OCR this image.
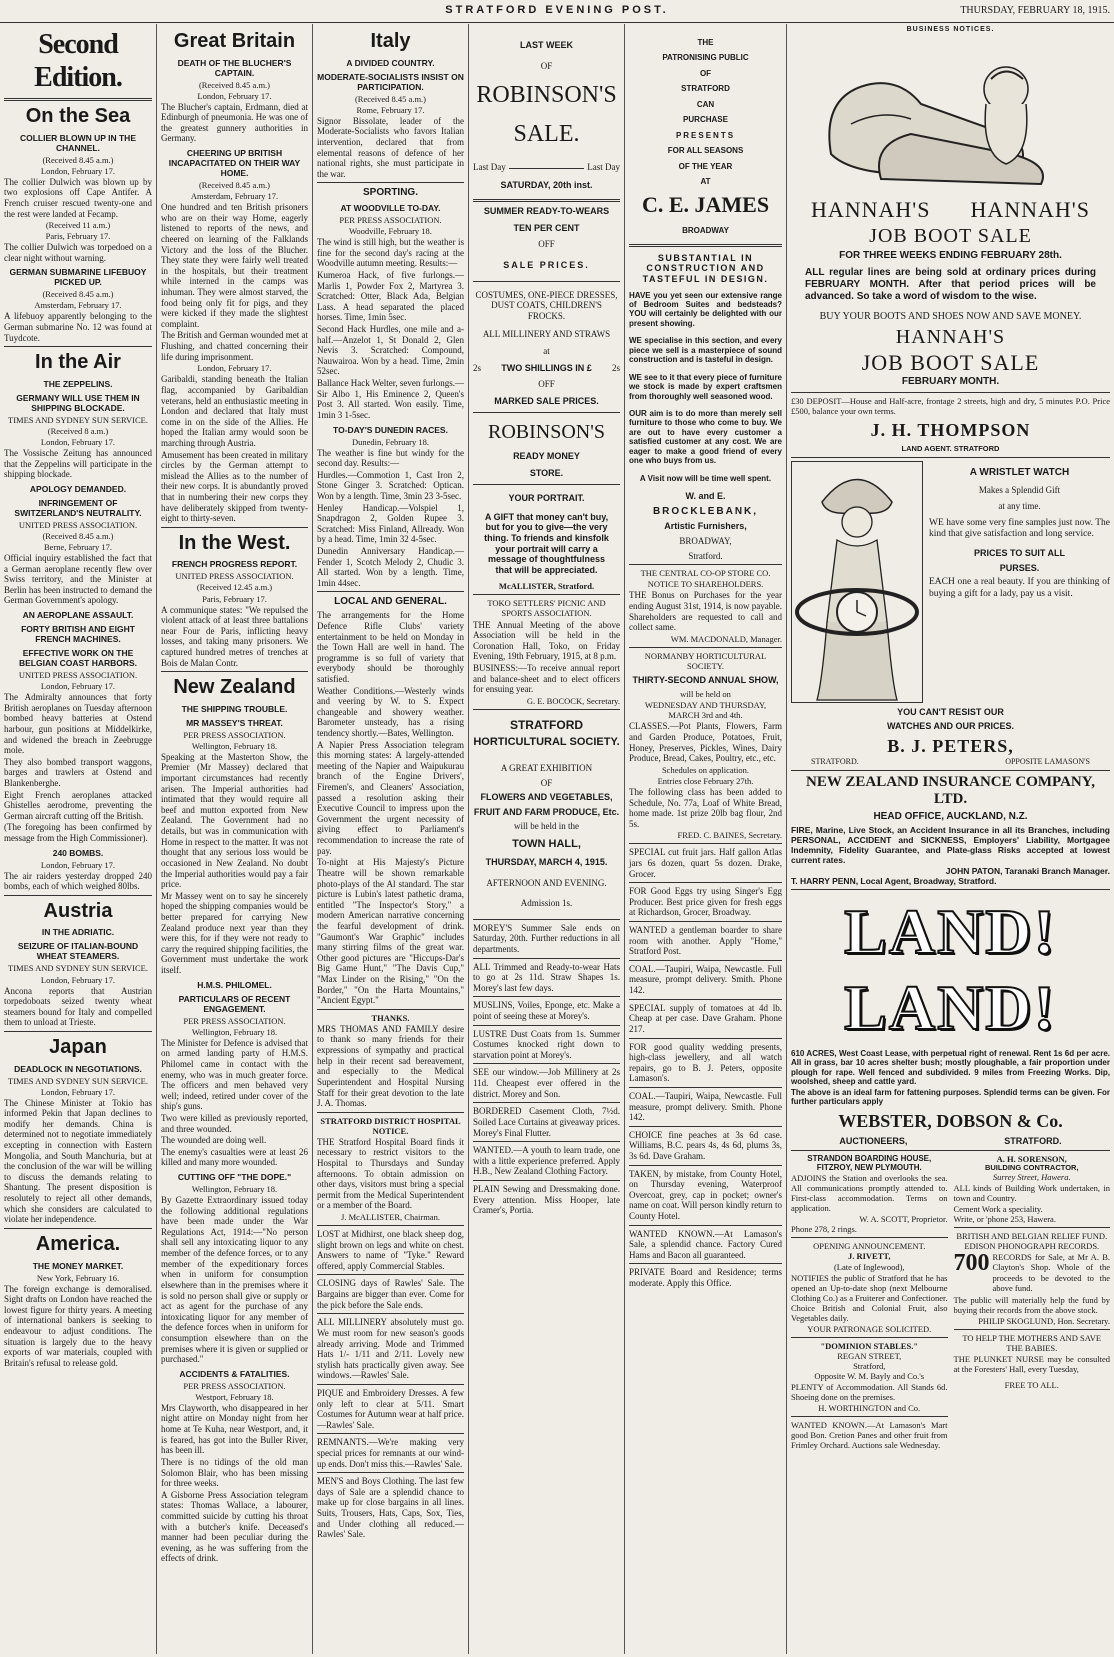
STRATFORD EVENING POST.	THURSDAY, FEBRUARY 18, 1915.
Second Edition.
On the Sea
COLLIER BLOWN UP IN THE CHANNEL.
(Received 8.45 a.m.)
London, February 17.

The collier Dulwich was blown up by two explosions off Cape Antifer. A French cruiser rescued twenty-one and the rest were landed at Fecamp.

(Received 11 a.m.)
Paris, February 17.

The collier Dulwich was torpedoed on a clear night without warning.

GERMAN SUBMARINE LIFEBUOY PICKED UP.
(Received 8.45 a.m.)
Amsterdam, February 17.

A lifebuoy apparently belonging to the German submarine No. 12 was found at Tuydcote.

In the Air
THE ZEPPELINS.
GERMANY WILL USE THEM IN SHIPPING BLOCKADE.
TIMES AND SYDNEY SUN SERVICE.
(Received 8 a.m.)
London, February 17.

The Vossische Zeitung has announced that the Zeppelins will participate in the shipping blockade.

APOLOGY DEMANDED.
INFRINGEMENT OF SWITZERLAND'S NEUTRALITY.
UNITED PRESS ASSOCIATION.
(Received 8.45 a.m.)
Berne, February 17.

Official inquiry established the fact that a German aeroplane recently flew over Swiss territory, and the Minister at Berlin has been instructed to demand the German Government's apology.

AN AEROPLANE ASSAULT.
FORTY BRITISH AND EIGHT FRENCH MACHINES.
EFFECTIVE WORK ON THE BELGIAN COAST HARBORS.
UNITED PRESS ASSOCIATION.
London, February 17.

The Admiralty announces that forty British aeroplanes on Tuesday afternoon bombed heavy batteries at Ostend harbour, gun positions at Middelkirke, and widened the breach in Zeebrugge mole.

They also bombed transport waggons, barges and trawlers at Ostend and Blankenberghe.

Eight French aeroplanes attacked Ghistelles aerodrome, preventing the German aircraft cutting off the British.

(The foregoing has been confirmed by message from the High Commissioner).

240 BOMBS.
London, February 17.

The air raiders yesterday dropped 240 bombs, each of which weighed 80lbs.

Austria
IN THE ADRIATIC.
SEIZURE OF ITALIAN-BOUND WHEAT STEAMERS.
TIMES AND SYDNEY SUN SERVICE.
London, February 17.

Ancona reports that Austrian torpedoboats seized twenty wheat steamers bound for Italy and compelled them to unload at Trieste.

Japan
DEADLOCK IN NEGOTIATIONS.
TIMES AND SYDNEY SUN SERVICE.
London, February 17.

The Chinese Minister at Tokio has informed Pekin that Japan declines to modify her demands. China is determined not to negotiate immediately excepting in connection with Eastern Mongolia, and South Manchuria, but at the conclusion of the war will be willing to discuss the demands relating to Shantung. The present disposition is resolutely to reject all other demands, which she considers are calculated to violate her independence.

America.
THE MONEY MARKET.
New York, February 16.

The foreign exchange is demoralised. Sight drafts on London have reached the lowest figure for thirty years. A meeting of international bankers is seeking to endeavour to adjust conditions. The situation is largely due to the heavy exports of war materials, coupled with Britain's refusal to release gold.

Great Britain
DEATH OF THE BLUCHER'S CAPTAIN.
(Received 8.45 a.m.)
London, February 17.

The Blucher's captain, Erdmann, died at Edinburgh of pneumonia. He was one of the greatest gunnery authorities in Germany.

CHEERING UP BRITISH INCAPACITATED ON THEIR WAY HOME.
(Received 8.45 a.m.)
Amsterdam, February 17.

One hundred and ten British prisoners who are on their way Home, eagerly listened to reports of the news, and cheered on learning of the Falklands Victory and the loss of the Blucher. They state they were fairly well treated in the hospitals, but their treatment while interned in the camps was inhuman. They were almost starved, the food being only fit for pigs, and they were kicked if they made the slightest complaint.

The British and German wounded met at Flushing, and chatted concerning their life during imprisonment.

London, February 17.

Garibaldi, standing beneath the Italian flag, accompanied by Garibaldian veterans, held an enthusiastic meeting in London and declared that Italy must come in on the side of the Allies. He hoped the Italian army would soon be marching through Austria.

Amusement has been created in military circles by the German attempt to mislead the Allies as to the number of their new corps. It is abundantly proved that in numbering their new corps they have deliberately skipped from twenty-eight to thirty-seven.

In the West.
FRENCH PROGRESS REPORT.
UNITED PRESS ASSOCIATION.
(Received 12.45 a.m.)
Paris, February 17.

A communique states: "We repulsed the violent attack of at least three battalions near Four de Paris, inflicting heavy losses, and taking many prisoners. We captured hundred metres of trenches at Bois de Malan Contr.

New Zealand
THE SHIPPING TROUBLE.
MR MASSEY'S THREAT.
PER PRESS ASSOCIATION.
Wellington, February 18.

Speaking at the Masterton Show, the Premier (Mr Massey) declared that important circumstances had recently arisen. The Imperial authorities had intimated that they would require all beef and mutton exported from New Zealand. The Government had no details, but was in communication with Home in respect to the matter. It was not thought that any serious loss would be occasioned in New Zealand. No doubt the Imperial authorities would pay a fair price.

Mr Massey went on to say he sincerely hoped the shipping companies would be better prepared for carrying New Zealand produce next year than they were this, for if they were not ready to carry the required shipping facilities, the Government must undertake the work itself.

H.M.S. PHILOMEL.
PARTICULARS OF RECENT ENGAGEMENT.
PER PRESS ASSOCIATION.
Wellington, February 18.

The Minister for Defence is advised that on armed landing party of H.M.S. Philomel came in contact with the enemy, who was in much greater force. The officers and men behaved very well; indeed, retired under cover of the ship's guns.

Two were killed as previously reported, and three wounded.

The wounded are doing well.

The enemy's casualties were at least 26 killed and many more wounded.

CUTTING OFF "THE DOPE."
Wellington, February 18.

By Gazette Extraordinary issued today the following additional regulations have been made under the War Regulations Act, 1914:—"No person shall sell any intoxicating liquor to any member of the defence forces, or to any member of the expeditionary forces when in uniform for consumption elsewhere than in the premises where it is sold no person shall give or supply or act as agent for the purchase of any intoxicating liquor for any member of the defence forces when in uniform for consumption elsewhere than on the premises where it is given or supplied or purchased."

ACCIDENTS & FATALITIES.
PER PRESS ASSOCIATION.
Westport, February 18.

Mrs Clayworth, who disappeared in her night attire on Monday night from her home at Te Kuha, near Westport, and, it is feared, has got into the Buller River, has been ill.

There is no tidings of the old man Solomon Blair, who has been missing for three weeks.

A Gisborne Press Association telegram states: Thomas Wallace, a labourer, committed suicide by cutting his throat with a butcher's knife. Deceased's manner had been peculiar during the evening, as he was suffering from the effects of drink.

Italy
A DIVIDED COUNTRY.
MODERATE-SOCIALISTS INSIST ON PARTICIPATION.
(Received 8.45 a.m.)
Rome, February 17.

Signor Bissolate, leader of the Moderate-Socialists who favors Italian intervention, declared that from elemental reasons of defence of her national rights, she must participate in the war.

SPORTING.
AT WOODVILLE TO-DAY.
PER PRESS ASSOCIATION.
Woodville, February 18.

The wind is still high, but the weather is fine for the second day's racing at the Woodville autumn meeting. Results:—

Kumeroa Hack, of five furlongs.—Marlis 1, Powder Fox 2, Martyrea 3. Scratched: Otter, Black Ada, Belgian Lass. A head separated the placed horses. Time, 1min 5sec.

Second Hack Hurdles, one mile and a-half.—Anzelot 1, St Donald 2, Glen Nevis 3. Scratched: Compound, Nauwairoa. Won by a head. Time, 2min 52sec.

Ballance Hack Welter, seven furlongs.—Sir Albo 1, His Eminence 2, Queen's Post 3. All started. Won easily. Time, 1min 3 1-5sec.

TO-DAY'S DUNEDIN RACES.
Dunedin, February 18.

The weather is fine but windy for the second day. Results:—

Hurdles.—Commotion 1, Cast Iron 2, Stone Ginger 3. Scratched: Optican. Won by a length. Time, 3min 23 3-5sec.

Henley Handicap.—Volspiel 1, Snapdragon 2, Golden Rupee 3. Scratched: Miss Finland, Allready. Won by a head. Time, 1min 32 4-5sec.

Dunedin Anniversary Handicap.—Fender 1, Scotch Melody 2, Chudic 3. All started. Won by a length. Time, 1min 44sec.

LOCAL AND GENERAL.

The arrangements for the Home Defence Rifle Clubs' variety entertainment to be held on Monday in the Town Hall are well in hand. The programme is so full of variety that everybody should be thoroughly satisfied.

Weather Conditions.—Westerly winds and veering by W. to S. Expect changeable and showery weather. Barometer unsteady, has a rising tendency shortly.—Bates, Wellington.

A Napier Press Association telegram this morning states: A largely-attended meeting of the Napier and Waipukurau branch of the Engine Drivers', Firemen's, and Cleaners' Association, passed a resolution asking their Executive Council to impress upon the Government the urgent necessity of giving effect to Parliament's recommendation to increase the rate of pay.

To-night at His Majesty's Picture Theatre will be shown remarkable photo-plays of the Al standard. The star picture is Lubin's latest pathetic drama, entitled "The Inspector's Story," a modern American narrative concerning the fearful development of drink. "Gaumont's War Graphic" includes many stirring films of the great war. Other good pictures are "Hiccups-Dar's Big Game Hunt," "The Davis Cup," "Max Linder on the Rising," "On the Border," "On the Harta Mountains," "Ancient Egypt."

THANKS.

MRS THOMAS AND FAMILY desire to thank so many friends for their expressions of sympathy and practical help in their recent sad bereavement, and especially to the Medical Superintendent and Hospital Nursing Staff for their great devotion to the late J. A. Thomas.

STRATFORD DISTRICT HOSPITAL NOTICE.

THE Stratford Hospital Board finds it necessary to restrict visitors to the Hospital to Thursdays and Sunday afternoons. To obtain admission on other days, visitors must bring a special permit from the Medical Superintendent or a member of the Board.

J. McALLISTER, Chairman.

LOST at Midhirst, one black sheep dog, slight brown on legs and white on chest. Answers to name of "Tyke." Reward offered, apply Commercial Stables.

CLOSING days of Rawles' Sale. The Bargains are bigger than ever. Come for the pick before the Sale ends.

ALL MILLINERY absolutely must go. We must room for new season's goods already arriving. Mode and Trimmed Hats 1/- 1/11 and 2/11. Lovely new stylish hats practically given away. See windows.—Rawles' Sale.

PIQUE and Embroidery Dresses. A few only left to clear at 5/11. Smart Costumes for Autumn wear at half price.—Rawles' Sale.

REMNANTS.—We're making very special prices for remnants at our wind-up ends. Don't miss this.—Rawles' Sale.

MEN'S and Boys Clothing. The last few days of Sale are a splendid chance to make up for close bargains in all lines. Suits, Trousers, Hats, Caps, Sox, Ties, and Under clothing all reduced.—Rawles' Sale.

LAST WEEK
OF
ROBINSON'S
SALE.
Last Day	Last Day
SATURDAY, 20th inst.
SUMMER READY-TO-WEARS
TEN PER CENT
OFF
SALE PRICES.
COSTUMES, ONE-PIECE DRESSES, DUST COATS, CHILDREN'S FROCKS.
ALL MILLINERY AND STRAWS
at
2s TWO SHILLINGS IN £ 2s
OFF
MARKED SALE PRICES.
ROBINSON'S
READY MONEY
STORE.
YOUR PORTRAIT.

A GIFT that money can't buy, but for you to give—the very thing. To friends and kinsfolk your portrait will carry a message of thoughtfulness that will be appreciated.

McALLISTER, Stratford.
TOKO SETTLERS' PICNIC AND SPORTS ASSOCIATION.

THE Annual Meeting of the above Association will be held in the Coronation Hall, Toko, on Friday Evening, 19th February, 1915, at 8 p.m.

BUSINESS:—To receive annual report and balance-sheet and to elect officers for ensuing year.

G. E. BOCOCK, Secretary.
STRATFORD
HORTICULTURAL SOCIETY.
A GREAT EXHIBITION
OF
FLOWERS AND VEGETABLES,
FRUIT AND FARM PRODUCE, Etc.
will be held in the
TOWN HALL,
THURSDAY, MARCH 4, 1915.
AFTERNOON AND EVENING.
Admission 1s.

MOREY'S Summer Sale ends on Saturday, 20th. Further reductions in all departments.

ALL Trimmed and Ready-to-wear Hats to go at 2s 11d. Straw Shapes 1s. Morey's last few days.

MUSLINS, Voiles, Eponge, etc. Make a point of seeing these at Morey's.

LUSTRE Dust Coats from 1s. Summer Costumes knocked right down to starvation point at Morey's.

SEE our window.—Job Millinery at 2s 11d. Cheapest ever offered in the district. Morey and Son.

BORDERED Casement Cloth, 7½d. Soiled Lace Curtains at giveaway prices. Morey's Final Flutter.

WANTED.—A youth to learn trade, one with a little experience preferred. Apply H.B., New Zealand Clothing Factory.

PLAIN Sewing and Dressmaking done. Every attention. Miss Hooper, late Cramer's, Portia.

THE
PATRONISING PUBLIC
OF
STRATFORD
CAN
PURCHASE
PRESENTS
FOR ALL SEASONS
OF THE YEAR
AT
C. E. JAMES
BROADWAY
SUBSTANTIAL IN CONSTRUCTION AND TASTEFUL IN DESIGN.

HAVE you yet seen our extensive range of Bedroom Suites and bedsteads? YOU will certainly be delighted with our present showing.

WE specialise in this section, and every piece we sell is a masterpiece of sound construction and is tasteful in design.

WE see to it that every piece of furniture we stock is made by expert craftsmen from thoroughly well seasoned wood.

OUR aim is to do more than merely sell furniture to those who come to buy. We are out to have every customer a satisfied customer at any cost. We are eager to make a good friend of every one who buys from us.

A Visit now will be time well spent.
W. and E.
BROCKLEBANK,
Artistic Furnishers,
BROADWAY,
Stratford.
THE CENTRAL CO-OP STORE CO.
NOTICE TO SHAREHOLDERS.

THE Bonus on Purchases for the year ending August 31st, 1914, is now payable. Shareholders are requested to call and collect same.

WM. MACDONALD, Manager.
NORMANBY HORTICULTURAL SOCIETY.
THIRTY-SECOND ANNUAL SHOW,
will be held on
WEDNESDAY AND THURSDAY, MARCH 3rd and 4th.

CLASSES.—Pot Plants, Flowers, Farm and Garden Produce, Potatoes, Fruit, Honey, Preserves, Pickles, Wines, Dairy Produce, Bread, Cakes, Poultry, etc., etc.

Schedules on application.
Entries close February 27th.

The following class has been added to Schedule, No. 77a, Loaf of White Bread, home made. 1st prize 20lb bag flour, 2nd 5s.

FRED. C. BAINES, Secretary.

SPECIAL cut fruit jars. Half gallon Atlas jars 6s dozen, quart 5s dozen. Drake, Grocer.

FOR Good Eggs try using Singer's Egg Producer. Best price given for fresh eggs at Richardson, Grocer, Broadway.

WANTED a gentleman boarder to share room with another. Apply "Home," Stratford Post.

COAL.—Taupiri, Waipa, Newcastle. Full measure, prompt delivery. Smith. Phone 142.

SPECIAL supply of tomatoes at 4d lb. Cheap at per case. Dave Graham. Phone 217.

FOR good quality wedding presents, high-class jewellery, and all watch repairs, go to B. J. Peters, opposite Lamason's.

COAL.—Taupiri, Waipa, Newcastle. Full measure, prompt delivery. Smith. Phone 142.

CHOICE fine peaches at 3s 6d case. Williams, B.C. pears 4s, 4s 6d, plums 3s, 3s 6d. Dave Graham.

TAKEN, by mistake, from County Hotel, on Thursday evening, Waterproof Overcoat, grey, cap in pocket; owner's name on coat. Will person kindly return to County Hotel.

WANTED KNOWN.—At Lamason's Sale, a splendid chance. Factory Cured Hams and Bacon all guaranteed.

PRIVATE Board and Residence; terms moderate. Apply this Office.

BUSINESS NOTICES.
HANNAH'S HANNAH'S
JOB BOOT SALE
FOR THREE WEEKS ENDING FEBRUARY 28th.

ALL regular lines are being sold at ordinary prices during FEBRUARY MONTH. After that period prices will be advanced. So take a word of wisdom to the wise.

BUY YOUR BOOTS AND SHOES NOW AND SAVE MONEY.
HANNAH'S
JOB BOOT SALE
FEBRUARY MONTH.

£30 DEPOSIT—House and Half-acre, frontage 2 streets, high and dry, 5 minutes P.O. Price £500, balance your own terms.

J. H. THOMPSON
LAND AGENT. STRATFORD
A WRISTLET WATCH
Makes a Splendid Gift
at any time.

WE have some very fine samples just now. The kind that give satisfaction and long service.

PRICES TO SUIT ALL
PURSES.

EACH one a real beauty. If you are thinking of buying a gift for a lady, pay us a visit.

YOU CAN'T RESIST OUR
WATCHES AND OUR PRICES.
B. J. PETERS,
STRATFORD.	OPPOSITE LAMASON'S
NEW ZEALAND INSURANCE COMPANY, LTD.
HEAD OFFICE, AUCKLAND, N.Z.

FIRE, Marine, Live Stock, an Accident Insurance in all its Branches, including PERSONAL, ACCIDENT and SICKNESS, Employers' Liability, Mortgagee Indemnity, Fidelity Guarantee, and Plate-glass Risks accepted at lowest current rates.

JOHN PATON, Taranaki Branch Manager.
T. HARRY PENN, Local Agent, Broadway, Stratford.
LAND! LAND!

610 ACRES, West Coast Lease, with perpetual right of renewal. Rent 1s 6d per acre. All in grass, bar 10 acres shelter bush; mostly ploughable, a fair proportion under plough for rape. Well fenced and subdivided. 9 miles from Freezing Works. Dip, woolshed, sheep and cattle yard.

The above is an ideal farm for fattening purposes. Splendid terms can be given. For further particulars apply

WEBSTER, DOBSON & Co.
AUCTIONEERS,	STRATFORD.
STRANDON BOARDING HOUSE,
FITZROY, NEW PLYMOUTH.

ADJOINS the Station and overlooks the sea. All communications promptly attended to. First-class accommodation. Terms on application.

W. A. SCOTT, Proprietor.
Phone 278, 2 rings.
OPENING ANNOUNCEMENT.
J. RIVETT,
(Late of Inglewood),

NOTIFIES the public of Stratford that he has opened an Up-to-date shop (next Melbourne Clothing Co.) as a Fruiterer and Confectioner. Choice British and Colonial Fruit, also Vegetables daily.

YOUR PATRONAGE SOLICITED.
"DOMINION STABLES."
REGAN STREET,
Stratford,
Opposite W. M. Bayly and Co.'s

PLENTY of Accommodation. All Stands 6d. Shoeing done on the premises.

H. WORTHINGTON and Co.

WANTED KNOWN.—At Lamason's Mart good Bon. Cretion Panes and other fruit from Frimley Orchard. Auctions sale Wednesday.

A. H. SORENSON,
BUILDING CONTRACTOR,
Surrey Street, Hawera.

ALL kinds of Building Work undertaken, in town and Country.

Cement Work a speciality.
Write, or 'phone 253, Hawera.
BRITISH AND BELGIAN RELIEF FUND.
EDISON PHONOGRAPH RECORDS.
700 RECORDS for Sale, at Mr A. B. Clayton's Shop. Whole of the proceeds to be devoted to the above fund.

The public will materially help the fund by buying their records from the above stock.

PHILIP SKOGLUND, Hon. Secretary.
TO HELP THE MOTHERS AND SAVE THE BABIES.

THE PLUNKET NURSE may be consulted at the Foresters' Hall, every Tuesday,

FREE TO ALL.
